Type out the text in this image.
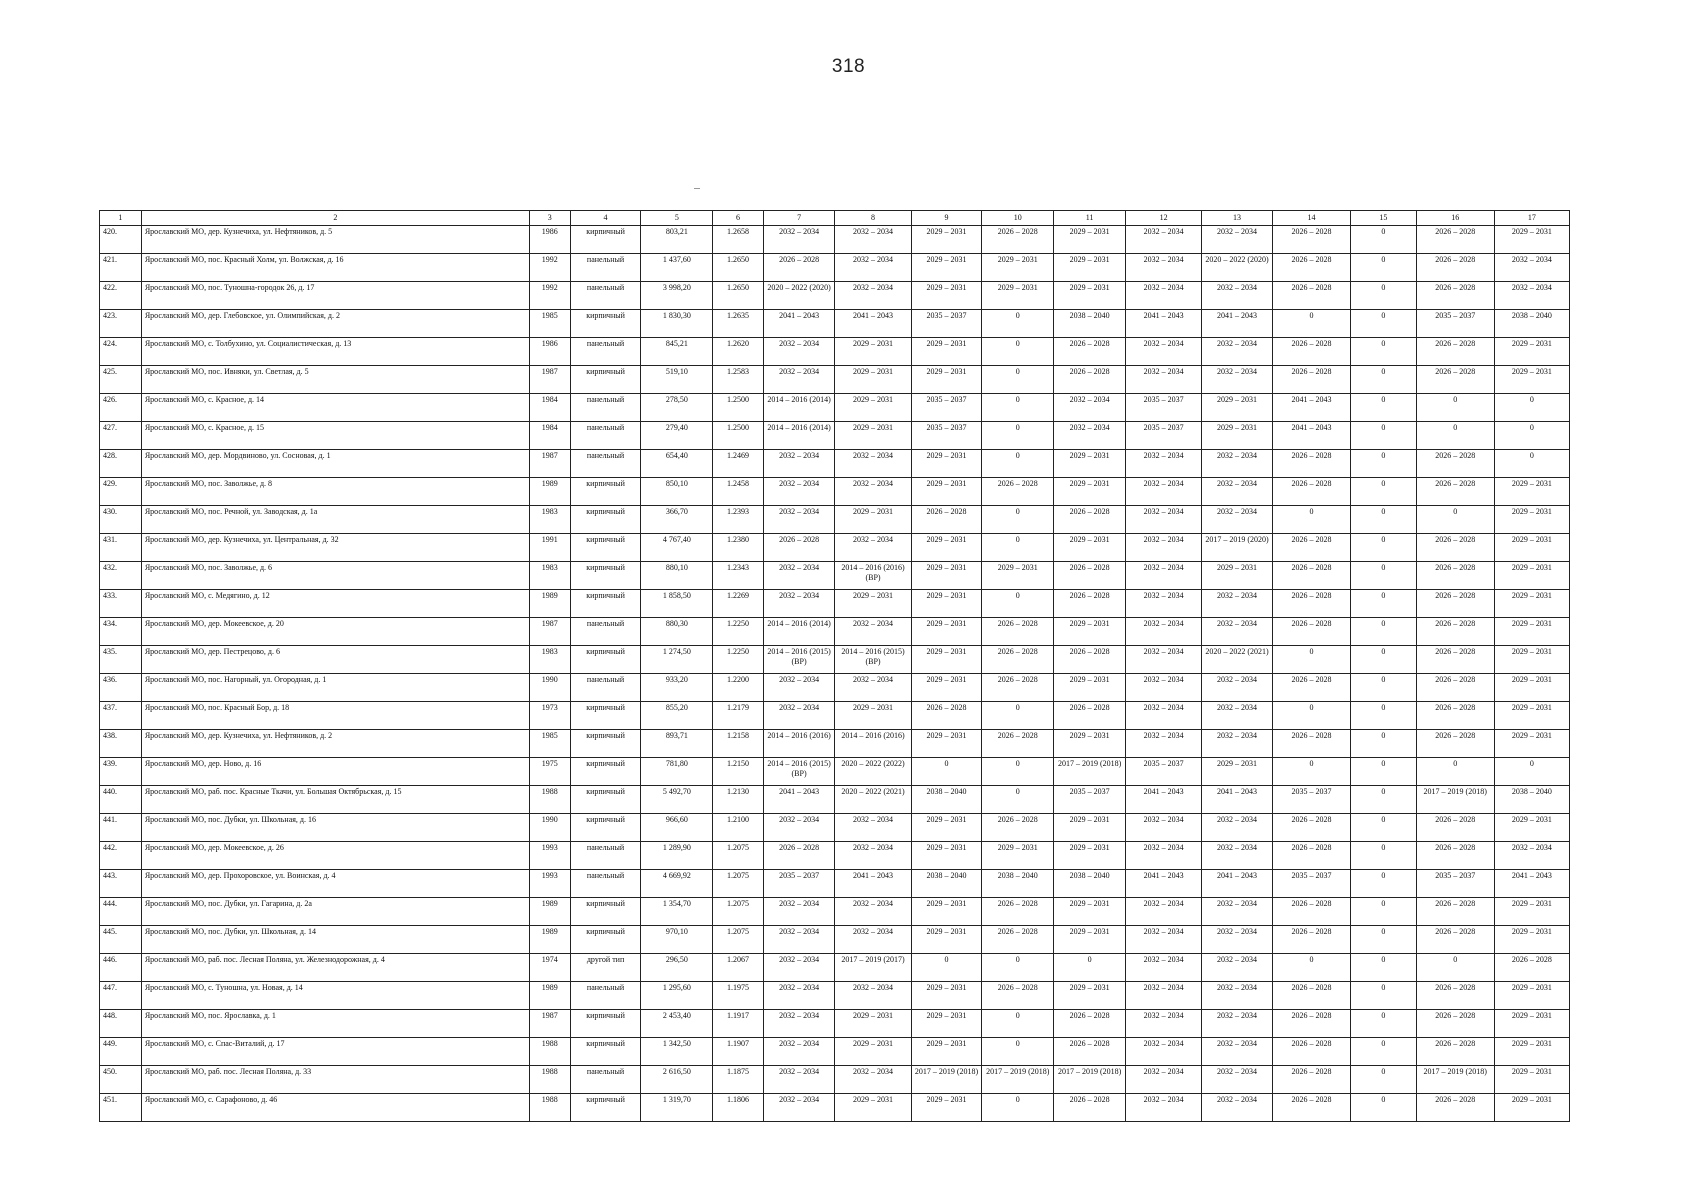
318
1	2	3	4	5	6	7	8	9	10	11	12	13	14	15	16	17
420.	Ярославский МО, дер. Кузнечиха, ул. Нефтяников, д. 5	1986	кирпичный	803,21	1.2658	2032 – 2034	2032 – 2034	2029 – 2031	2026 – 2028	2029 – 2031	2032 – 2034	2032 – 2034	2026 – 2028	0	2026 – 2028	2029 – 2031
421.	Ярославский МО, пос. Красный Холм, ул. Волжская, д. 16	1992	панельный	1 437,60	1.2650	2026 – 2028	2032 – 2034	2029 – 2031	2029 – 2031	2029 – 2031	2032 – 2034	2020 – 2022 (2020)	2026 – 2028	0	2026 – 2028	2032 – 2034
422.	Ярославский МО, пос. Туношна-городок 26, д. 17	1992	панельный	3 998,20	1.2650	2020 – 2022 (2020)	2032 – 2034	2029 – 2031	2029 – 2031	2029 – 2031	2032 – 2034	2032 – 2034	2026 – 2028	0	2026 – 2028	2032 – 2034
423.	Ярославский МО, дер. Глебовское, ул. Олимпийская, д. 2	1985	кирпичный	1 830,30	1.2635	2041 – 2043	2041 – 2043	2035 – 2037	0	2038 – 2040	2041 – 2043	2041 – 2043	0	0	2035 – 2037	2038 – 2040
424.	Ярославский МО, с. Толбухино, ул. Социалистическая, д. 13	1986	панельный	845,21	1.2620	2032 – 2034	2029 – 2031	2029 – 2031	0	2026 – 2028	2032 – 2034	2032 – 2034	2026 – 2028	0	2026 – 2028	2029 – 2031
425.	Ярославский МО, пос. Ивняки, ул. Светлая, д. 5	1987	кирпичный	519,10	1.2583	2032 – 2034	2029 – 2031	2029 – 2031	0	2026 – 2028	2032 – 2034	2032 – 2034	2026 – 2028	0	2026 – 2028	2029 – 2031
426.	Ярославский МО, с. Красное, д. 14	1984	панельный	278,50	1.2500	2014 – 2016 (2014)	2029 – 2031	2035 – 2037	0	2032 – 2034	2035 – 2037	2029 – 2031	2041 – 2043	0	0	0
427.	Ярославский МО, с. Красное, д. 15	1984	панельный	279,40	1.2500	2014 – 2016 (2014)	2029 – 2031	2035 – 2037	0	2032 – 2034	2035 – 2037	2029 – 2031	2041 – 2043	0	0	0
428.	Ярославский МО, дер. Мордвиново, ул. Сосновая, д. 1	1987	панельный	654,40	1.2469	2032 – 2034	2032 – 2034	2029 – 2031	0	2029 – 2031	2032 – 2034	2032 – 2034	2026 – 2028	0	2026 – 2028	0
429.	Ярославский МО, пос. Заволжье, д. 8	1989	кирпичный	850,10	1.2458	2032 – 2034	2032 – 2034	2029 – 2031	2026 – 2028	2029 – 2031	2032 – 2034	2032 – 2034	2026 – 2028	0	2026 – 2028	2029 – 2031
430.	Ярославский МО, пос. Речной, ул. Заводская, д. 1а	1983	кирпичный	366,70	1.2393	2032 – 2034	2029 – 2031	2026 – 2028	0	2026 – 2028	2032 – 2034	2032 – 2034	0	0	0	2029 – 2031
431.	Ярославский МО, дер. Кузнечиха, ул. Центральная, д. 32	1991	кирпичный	4 767,40	1.2380	2026 – 2028	2032 – 2034	2029 – 2031	0	2029 – 2031	2032 – 2034	2017 – 2019 (2020)	2026 – 2028	0	2026 – 2028	2029 – 2031
432.	Ярославский МО, пос. Заволжье, д. 6	1983	кирпичный	880,10	1.2343	2032 – 2034	2014 – 2016 (2016) (ВР)	2029 – 2031	2029 – 2031	2026 – 2028	2032 – 2034	2029 – 2031	2026 – 2028	0	2026 – 2028	2029 – 2031
433.	Ярославский МО, с. Медягино, д. 12	1989	кирпичный	1 858,50	1.2269	2032 – 2034	2029 – 2031	2029 – 2031	0	2026 – 2028	2032 – 2034	2032 – 2034	2026 – 2028	0	2026 – 2028	2029 – 2031
434.	Ярославский МО, дер. Мокеевское, д. 20	1987	панельный	880,30	1.2250	2014 – 2016 (2014)	2032 – 2034	2029 – 2031	2026 – 2028	2029 – 2031	2032 – 2034	2032 – 2034	2026 – 2028	0	2026 – 2028	2029 – 2031
435.	Ярославский МО, дер. Пестрецово, д. 6	1983	кирпичный	1 274,50	1.2250	2014 – 2016 (2015) (ВР)	2014 – 2016 (2015) (ВР)	2029 – 2031	2026 – 2028	2026 – 2028	2032 – 2034	2020 – 2022 (2021)	0	0	2026 – 2028	2029 – 2031
436.	Ярославский МО, пос. Нагорный, ул. Огородная, д. 1	1990	панельный	933,20	1.2200	2032 – 2034	2032 – 2034	2029 – 2031	2026 – 2028	2029 – 2031	2032 – 2034	2032 – 2034	2026 – 2028	0	2026 – 2028	2029 – 2031
437.	Ярославский МО, пос. Красный Бор, д. 18	1973	кирпичный	855,20	1.2179	2032 – 2034	2029 – 2031	2026 – 2028	0	2026 – 2028	2032 – 2034	2032 – 2034	0	0	2026 – 2028	2029 – 2031
438.	Ярославский МО, дер. Кузнечиха, ул. Нефтяников, д. 2	1985	кирпичный	893,71	1.2158	2014 – 2016 (2016)	2014 – 2016 (2016)	2029 – 2031	2026 – 2028	2029 – 2031	2032 – 2034	2032 – 2034	2026 – 2028	0	2026 – 2028	2029 – 2031
439.	Ярославский МО, дер. Ново, д. 16	1975	кирпичный	781,80	1.2150	2014 – 2016 (2015) (ВР)	2020 – 2022 (2022)	0	0	2017 – 2019 (2018)	2035 – 2037	2029 – 2031	0	0	0	0
440.	Ярославский МО, раб. пос. Красные Ткачи, ул. Большая Октябрьская, д. 15	1988	кирпичный	5 492,70	1.2130	2041 – 2043	2020 – 2022 (2021)	2038 – 2040	0	2035 – 2037	2041 – 2043	2041 – 2043	2035 – 2037	0	2017 – 2019 (2018)	2038 – 2040
441.	Ярославский МО, пос. Дубки, ул. Школьная, д. 16	1990	кирпичный	966,60	1.2100	2032 – 2034	2032 – 2034	2029 – 2031	2026 – 2028	2029 – 2031	2032 – 2034	2032 – 2034	2026 – 2028	0	2026 – 2028	2029 – 2031
442.	Ярославский МО, дер. Мокеевское, д. 26	1993	панельный	1 289,90	1.2075	2026 – 2028	2032 – 2034	2029 – 2031	2029 – 2031	2029 – 2031	2032 – 2034	2032 – 2034	2026 – 2028	0	2026 – 2028	2032 – 2034
443.	Ярославский МО, дер. Прохоровское, ул. Воинская, д. 4	1993	панельный	4 669,92	1.2075	2035 – 2037	2041 – 2043	2038 – 2040	2038 – 2040	2038 – 2040	2041 – 2043	2041 – 2043	2035 – 2037	0	2035 – 2037	2041 – 2043
444.	Ярославский МО, пос. Дубки, ул. Гагарина, д. 2а	1989	кирпичный	1 354,70	1.2075	2032 – 2034	2032 – 2034	2029 – 2031	2026 – 2028	2029 – 2031	2032 – 2034	2032 – 2034	2026 – 2028	0	2026 – 2028	2029 – 2031
445.	Ярославский МО, пос. Дубки, ул. Школьная, д. 14	1989	кирпичный	970,10	1.2075	2032 – 2034	2032 – 2034	2029 – 2031	2026 – 2028	2029 – 2031	2032 – 2034	2032 – 2034	2026 – 2028	0	2026 – 2028	2029 – 2031
446.	Ярославский МО, раб. пос. Лесная Поляна, ул. Железнодорожная, д. 4	1974	другой тип	296,50	1.2067	2032 – 2034	2017 – 2019 (2017)	0	0	0	2032 – 2034	2032 – 2034	0	0	0	2026 – 2028
447.	Ярославский МО, с. Туношна, ул. Новая, д. 14	1989	панельный	1 295,60	1.1975	2032 – 2034	2032 – 2034	2029 – 2031	2026 – 2028	2029 – 2031	2032 – 2034	2032 – 2034	2026 – 2028	0	2026 – 2028	2029 – 2031
448.	Ярославский МО, пос. Ярославка, д. 1	1987	кирпичный	2 453,40	1.1917	2032 – 2034	2029 – 2031	2029 – 2031	0	2026 – 2028	2032 – 2034	2032 – 2034	2026 – 2028	0	2026 – 2028	2029 – 2031
449.	Ярославский МО, с. Спас-Виталий, д. 17	1988	кирпичный	1 342,50	1.1907	2032 – 2034	2029 – 2031	2029 – 2031	0	2026 – 2028	2032 – 2034	2032 – 2034	2026 – 2028	0	2026 – 2028	2029 – 2031
450.	Ярославский МО, раб. пос. Лесная Поляна, д. 33	1988	панельный	2 616,50	1.1875	2032 – 2034	2032 – 2034	2017 – 2019 (2018)	2017 – 2019 (2018)	2017 – 2019 (2018)	2032 – 2034	2032 – 2034	2026 – 2028	0	2017 – 2019 (2018)	2029 – 2031
451.	Ярославский МО, с. Сарафоново, д. 46	1988	кирпичный	1 319,70	1.1806	2032 – 2034	2029 – 2031	2029 – 2031	0	2026 – 2028	2032 – 2034	2032 – 2034	2026 – 2028	0	2026 – 2028	2029 – 2031
